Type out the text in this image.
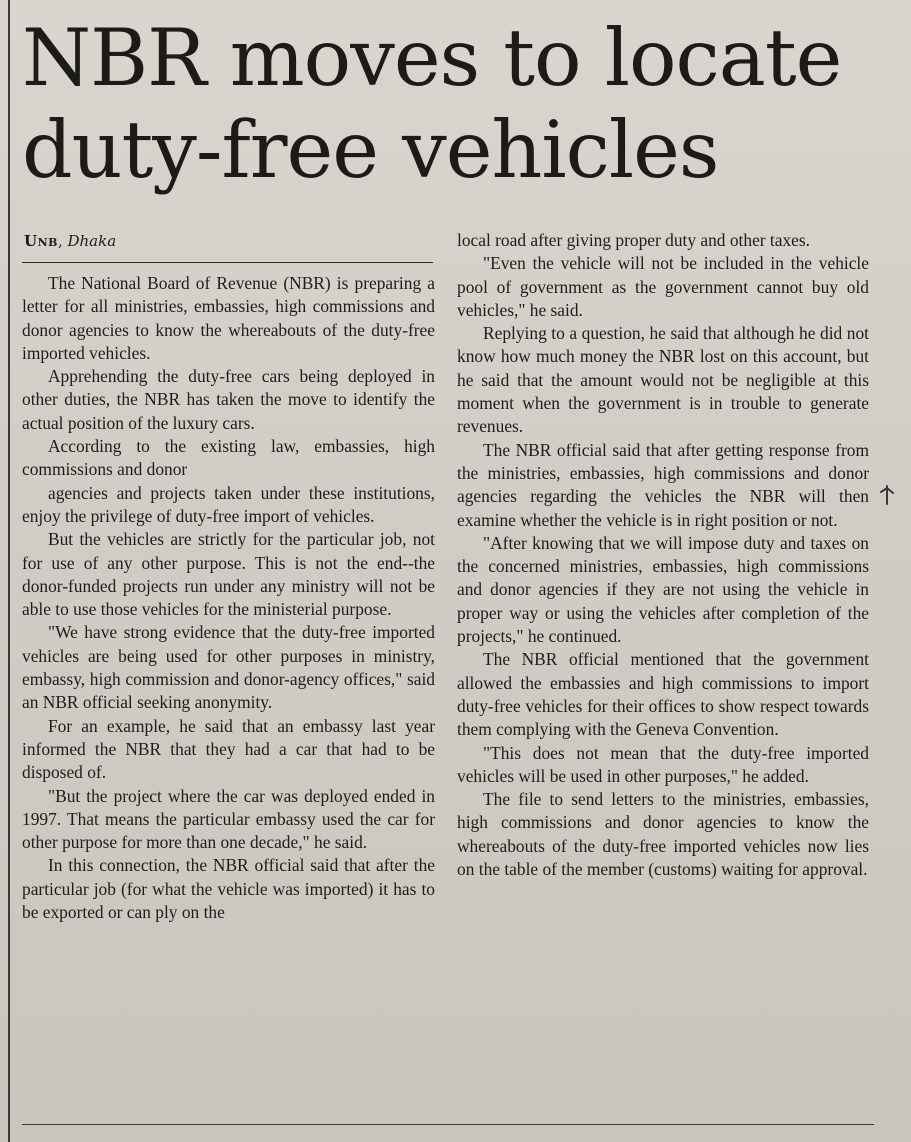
NBR moves to locate duty-free vehicles
Unb, Dhaka

The National Board of Revenue (NBR) is preparing a letter for all ministries, embassies, high commissions and donor agencies to know the whereabouts of the duty-free imported vehicles.

Apprehending the duty-free cars being deployed in other duties, the NBR has taken the move to identify the actual position of the luxury cars.

According to the existing law, embassies, high commissions and donor

agencies and projects taken under these institutions, enjoy the privilege of duty-free import of vehicles.

But the vehicles are strictly for the particular job, not for use of any other purpose. This is not the end--the donor-funded projects run under any ministry will not be able to use those vehicles for the ministerial purpose.

"We have strong evidence that the duty-free imported vehicles are being used for other purposes in ministry, embassy, high commission and donor-agency offices," said an NBR official seeking anonymity.

For an example, he said that an embassy last year informed the NBR that they had a car that had to be disposed of.

"But the project where the car was deployed ended in 1997. That means the particular embassy used the car for other purpose for more than one decade," he said.

In this connection, the NBR official said that after the particular job (for what the vehicle was imported) it has to be exported or can ply on the

local road after giving proper duty and other taxes.

"Even the vehicle will not be included in the vehicle pool of government as the government cannot buy old vehicles," he said.

Replying to a question, he said that although he did not know how much money the NBR lost on this account, but he said that the amount would not be negligible at this moment when the government is in trouble to generate revenues.

The NBR official said that after getting response from the ministries, embassies, high commissions and donor agencies regarding the vehicles the NBR will then examine whether the vehicle is in right position or not.

"After knowing that we will impose duty and taxes on the concerned ministries, embassies, high commissions and donor agencies if they are not using the vehicle in proper way or using the vehicles after completion of the projects," he continued.

The NBR official mentioned that the government allowed the embassies and high commissions to import duty-free vehicles for their offices to show respect towards them complying with the Geneva Convention.

"This does not mean that the duty-free imported vehicles will be used in other purposes," he added.

The file to send letters to the ministries, embassies, high commissions and donor agencies to know the whereabouts of the duty-free imported vehicles now lies on the table of the member (customs) waiting for approval.
